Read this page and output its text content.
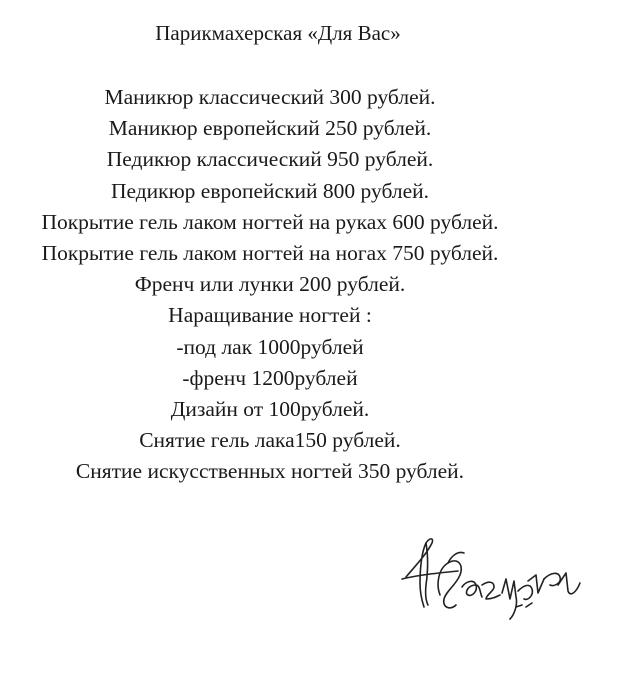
Парикмахерская «Для Вас»
Маникюр классический 300 рублей.
Маникюр европейский 250 рублей.
Педикюр классический 950 рублей.
Педикюр европейский 800 рублей.
Покрытие гель лаком ногтей на руках 600 рублей.
Покрытие гель лаком ногтей на ногах 750 рублей.
Френч или лунки 200 рублей.
Наращивание ногтей :
-под лак 1000рублей
-френч 1200рублей
Дизайн от 100рублей.
Снятие гель лака150 рублей.
Снятие искусственных ногтей 350 рублей.
